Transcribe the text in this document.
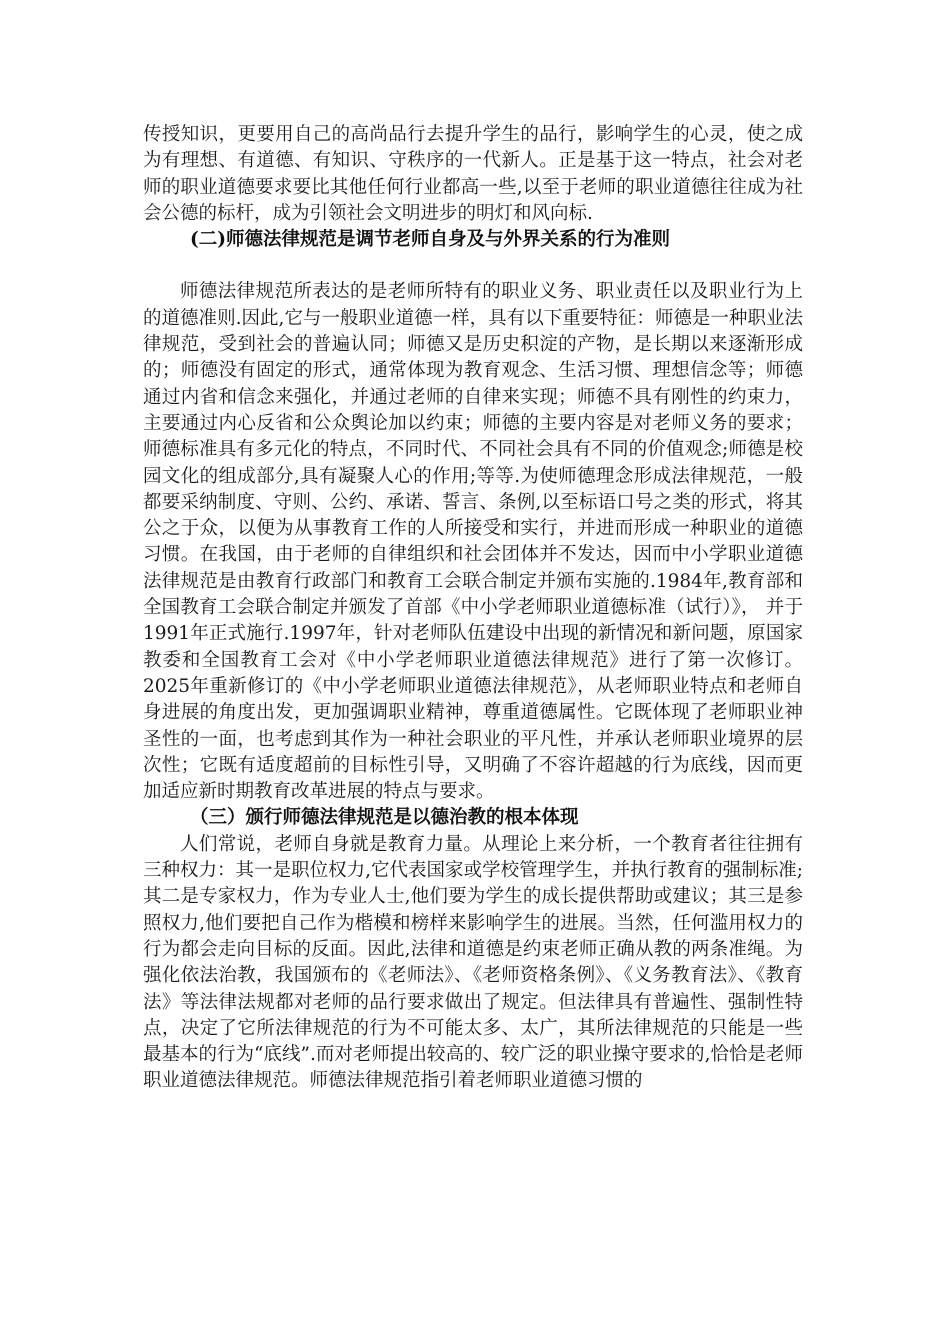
传授知识，更要用自己的高尚品行去提升学生的品行，影响学生的心灵，使之成为有理想、有道德、有知识、守秩序的一代新人。正是基于这一特点，社会对老师的职业道德要求要比其他任何行业都高一些,以至于老师的职业道德往往成为社会公德的标杆，成为引领社会文明进步的明灯和风向标.

(二)师德法律规范是调节老师自身及与外界关系的行为准则

师德法律规范所表达的是老师所特有的职业义务、职业责任以及职业行为上的道德准则.因此,它与一般职业道德一样，具有以下重要特征：师德是一种职业法律规范，受到社会的普遍认同；师德又是历史积淀的产物，是长期以来逐渐形成的；师德没有固定的形式，通常体现为教育观念、生活习惯、理想信念等；师德通过内省和信念来强化，并通过老师的自律来实现；师德不具有刚性的约束力，主要通过内心反省和公众舆论加以约束；师德的主要内容是对老师义务的要求；师德标准具有多元化的特点，不同时代、不同社会具有不同的价值观念;师德是校园文化的组成部分,具有凝聚人心的作用;等等.为使师德理念形成法律规范，一般都要采纳制度、守则、公约、承诺、誓言、条例,以至标语口号之类的形式，将其公之于众，以便为从事教育工作的人所接受和实行，并进而形成一种职业的道德习惯。在我国，由于老师的自律组织和社会团体并不发达，因而中小学职业道德法律规范是由教育行政部门和教育工会联合制定并颁布实施的.1984年,教育部和全国教育工会联合制定并颁发了首部《中小学老师职业道德标准（试行）》， 并于1991年正式施行.1997年，针对老师队伍建设中出现的新情况和新问题，原国家教委和全国教育工会对《中小学老师职业道德法律规范》进行了第一次修订。2025年重新修订的《中小学老师职业道德法律规范》，从老师职业特点和老师自身进展的角度出发，更加强调职业精神，尊重道德属性。它既体现了老师职业神圣性的一面，也考虑到其作为一种社会职业的平凡性，并承认老师职业境界的层次性；它既有适度超前的目标性引导，又明确了不容许超越的行为底线，因而更加适应新时期教育改革进展的特点与要求。

（三）颁行师德法律规范是以德治教的根本体现

人们常说，老师自身就是教育力量。从理论上来分析，一个教育者往往拥有三种权力：其一是职位权力,它代表国家或学校管理学生，并执行教育的强制标准;其二是专家权力，作为专业人士,他们要为学生的成长提供帮助或建议；其三是参照权力,他们要把自己作为楷模和榜样来影响学生的进展。当然，任何滥用权力的行为都会走向目标的反面。因此,法律和道德是约束老师正确从教的两条准绳。为强化依法治教，我国颁布的《老师法》、《老师资格条例》、《义务教育法》、《教育法》等法律法规都对老师的品行要求做出了规定。但法律具有普遍性、强制性特点，决定了它所法律规范的行为不可能太多、太广，其所法律规范的只能是一些最基本的行为“底线”.而对老师提出较高的、较广泛的职业操守要求的,恰恰是老师职业道德法律规范。师德法律规范指引着老师职业道德习惯的
